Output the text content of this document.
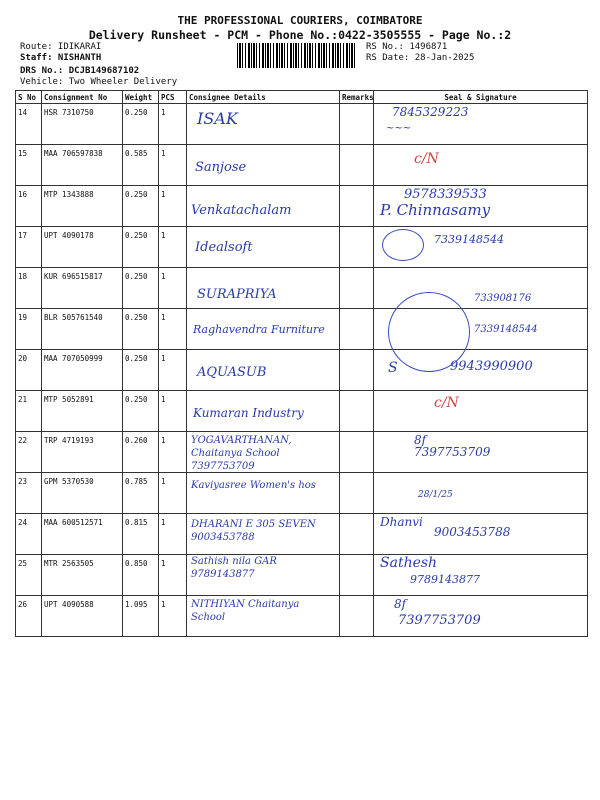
THE PROFESSIONAL COURIERS, COIMBATORE
Delivery Runsheet - PCM - Phone No.:0422-3505555 - Page No.:2
Route: IDIKARAI
Staff: NISHANTH
DRS No.: DCJB149687102
Vehicle: Two Wheeler Delivery
RS No.: 1496871
RS Date: 28-Jan-2025
S No	Consignment No	Weight	PCS	Consignee Details	Remarks	Seal & Signature
14	HSR 7310750	0.250	1	ISAK		7845329223
~~~

15	MAA 706597838	0.585	1	Sanjose		c/N

16	MTP 1343888	0.250	1	Venkatachalam		9578339533
P. Chinnasamy

17	UPT 4090178	0.250	1	Idealsoft		7339148544

18	KUR 696515817	0.250	1	SURAPRIYA		733908176

19	BLR 505761540	0.250	1	Raghavendra Furniture		7339148544

20	MAA 707050999	0.250	1	AQUASUB		S 9943990900

21	MTP 5052891	0.250	1	Kumaran Industry		c/N

22	TRP 4719193	0.260	1	YOGAVARTHANAN, Chaitanya School 7397753709		8f
7397753709

23	GPM 5370530	0.785	1	Kaviyasree Women's hos		28/1/25

24	MAA 600512571	0.815	1	DHARANI E 305 SEVEN 9003453788		Dhanvi
9003453788

25	MTR 2563505	0.850	1	Sathish nila GAR 9789143877		Sathesh
9789143877

26	UPT 4090588	1.095	1	NITHIYAN Chaitanya School		8f
7397753709
